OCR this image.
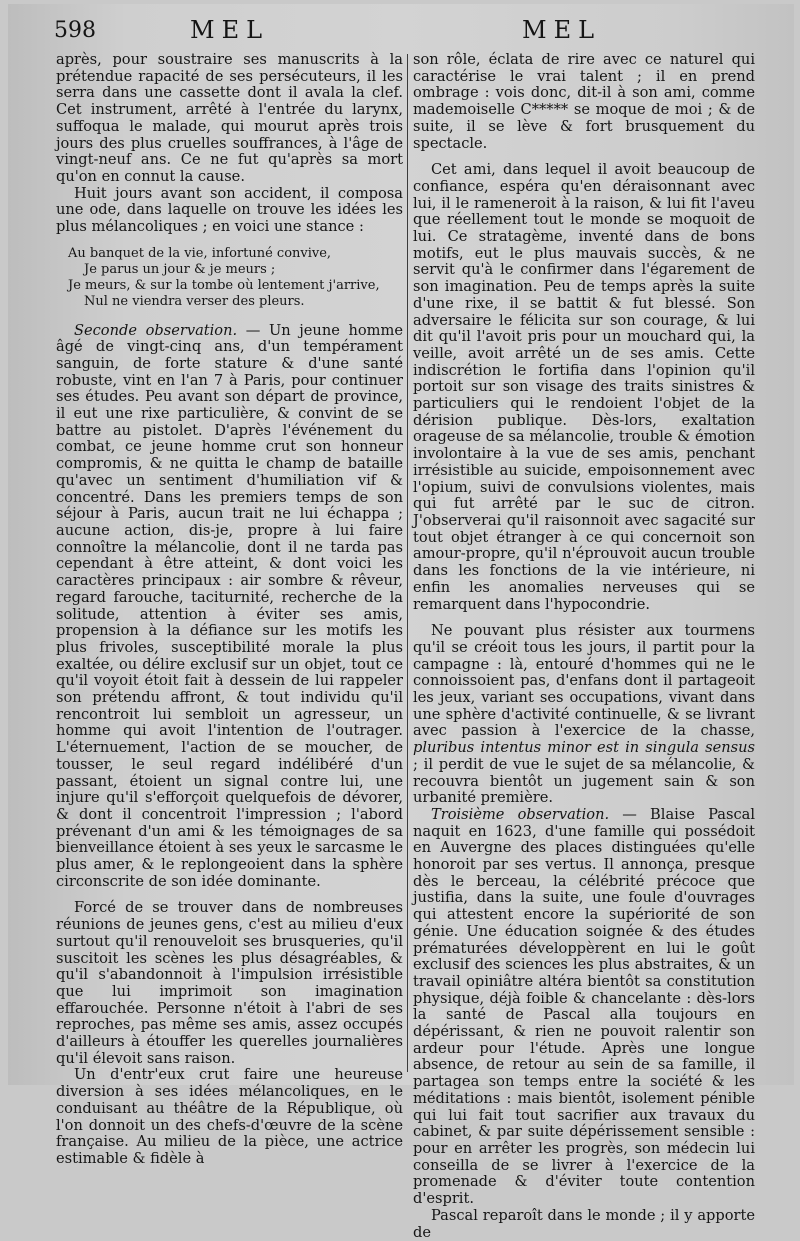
598	MEL	MEL

après, pour soustraire ses manuscrits à la prétendue rapacité de ses persécuteurs, il les serra dans une cassette dont il avala la clef. Cet instrument, arrêté à l'entrée du larynx, suffoqua le malade, qui mourut après trois jours des plus cruelles souffrances, à l'âge de vingt-neuf ans. Ce ne fut qu'après sa mort qu'on en connut la cause.

Huit jours avant son accident, il composa une ode, dans laquelle on trouve les idées les plus mélancoliques ; en voici une stance :

Au banquet de la vie, infortuné convive,
Je parus un jour & je meurs ;
Je meurs, & sur la tombe où lentement j'arrive,
Nul ne viendra verser des pleurs.

Seconde observation. — Un jeune homme âgé de vingt-cinq ans, d'un tempérament sanguin, de forte stature & d'une santé robuste, vint en l'an 7 à Paris, pour continuer ses études. Peu avant son départ de province, il eut une rixe particulière, & convint de se battre au pistolet. D'après l'événement du combat, ce jeune homme crut son honneur compromis, & ne quitta le champ de bataille qu'avec un sentiment d'humiliation vif & concentré. Dans les premiers temps de son séjour à Paris, aucun trait ne lui échappa ; aucune action, dis-je, propre à lui faire connoître la mélancolie, dont il ne tarda pas cependant à être atteint, & dont voici les caractères principaux : air sombre & rêveur, regard farouche, taciturnité, recherche de la solitude, attention à éviter ses amis, propension à la défiance sur les motifs les plus frivoles, susceptibilité morale la plus exaltée, ou délire exclusif sur un objet, tout ce qu'il voyoit étoit fait à dessein de lui rappeler son prétendu affront, & tout individu qu'il rencontroit lui sembloit un agresseur, un homme qui avoit l'intention de l'outrager. L'éternuement, l'action de se moucher, de tousser, le seul regard indélibéré d'un passant, étoient un signal contre lui, une injure qu'il s'efforçoit quelquefois de dévorer, & dont il concentroit l'impression ; l'abord prévenant d'un ami & les témoignages de sa bienveillance étoient à ses yeux le sarcasme le plus amer, & le replongeoient dans la sphère circonscrite de son idée dominante.

Forcé de se trouver dans de nombreuses réunions de jeunes gens, c'est au milieu d'eux surtout qu'il renouveloit ses brusqueries, qu'il suscitoit les scènes les plus désagréables, & qu'il s'abandonnoit à l'impulsion irrésistible que lui imprimoit son imagination effarouchée. Personne n'étoit à l'abri de ses reproches, pas même ses amis, assez occupés d'ailleurs à étouffer les querelles journalières qu'il élevoit sans raison.

Un d'entr'eux crut faire une heureuse diversion à ses idées mélancoliques, en le conduisant au théâtre de la République, où l'on donnoit un des chefs-d'œuvre de la scène française. Au milieu de la pièce, une actrice estimable & fidèle à

son rôle, éclata de rire avec ce naturel qui caractérise le vrai talent ; il en prend ombrage : vois donc, dit-il à son ami, comme mademoiselle C***** se moque de moi ; & de suite, il se lève & fort brusquement du spectacle.

Cet ami, dans lequel il avoit beaucoup de confiance, espéra qu'en déraisonnant avec lui, il le rameneroit à la raison, & lui fit l'aveu que réellement tout le monde se moquoit de lui. Ce stratagème, inventé dans de bons motifs, eut le plus mauvais succès, & ne servit qu'à le confirmer dans l'égarement de son imagination. Peu de temps après la suite d'une rixe, il se battit & fut blessé. Son adversaire le félicita sur son courage, & lui dit qu'il l'avoit pris pour un mouchard qui, la veille, avoit arrêté un de ses amis. Cette indiscrétion le fortifia dans l'opinion qu'il portoit sur son visage des traits sinistres & particuliers qui le rendoient l'objet de la dérision publique. Dès-lors, exaltation orageuse de sa mélancolie, trouble & émotion involontaire à la vue de ses amis, penchant irrésistible au suicide, empoisonnement avec l'opium, suivi de convulsions violentes, mais qui fut arrêté par le suc de citron. J'observerai qu'il raisonnoit avec sagacité sur tout objet étranger à ce qui concernoit son amour-propre, qu'il n'éprouvoit aucun trouble dans les fonctions de la vie intérieure, ni enfin les anomalies nerveuses qui se remarquent dans l'hypocondrie.

Ne pouvant plus résister aux tourmens qu'il se créoit tous les jours, il partit pour la campagne : là, entouré d'hommes qui ne le connoissoient pas, d'enfans dont il partageoit les jeux, variant ses occupations, vivant dans une sphère d'activité continuelle, & se livrant avec passion à l'exercice de la chasse, pluribus intentus minor est in singula sensus ; il perdit de vue le sujet de sa mélancolie, & recouvra bientôt un jugement sain & son urbanité première.

Troisième observation. — Blaise Pascal naquit en 1623, d'une famille qui possédoit en Auvergne des places distinguées qu'elle honoroit par ses vertus. Il annonça, presque dès le berceau, la célébrité précoce que justifia, dans la suite, une foule d'ouvrages qui attestent encore la supériorité de son génie. Une éducation soignée & des études prématurées développèrent en lui le goût exclusif des sciences les plus abstraites, & un travail opiniâtre altéra bientôt sa constitution physique, déjà foible & chancelante : dès-lors la santé de Pascal alla toujours en dépérissant, & rien ne pouvoit ralentir son ardeur pour l'étude. Après une longue absence, de retour au sein de sa famille, il partagea son temps entre la société & les méditations : mais bientôt, isolement pénible qui lui fait tout sacrifier aux travaux du cabinet, & par suite dépérissement sensible : pour en arrêter les progrès, son médecin lui conseilla de se livrer à l'exercice de la promenade & d'éviter toute contention d'esprit.

Pascal reparoît dans le monde ; il y apporte de
